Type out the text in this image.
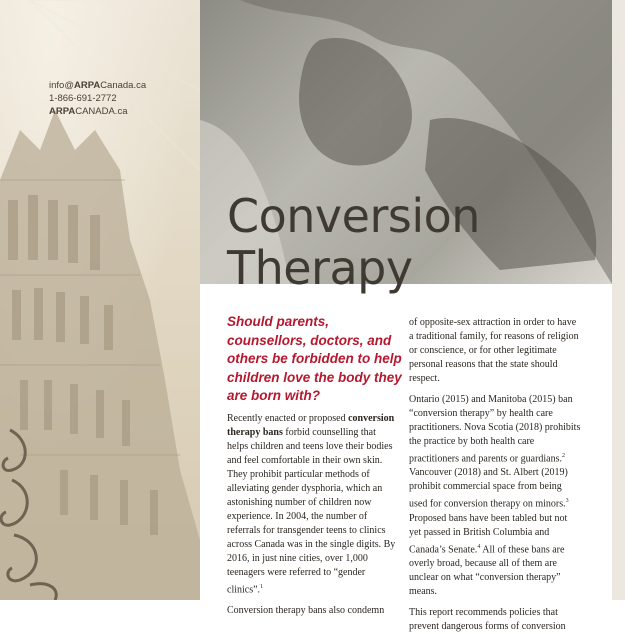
info@ARPACanada.ca
1-866-691-2772
ARPACANADA.ca
Conversion
Therapy
Should parents, counsellors, doctors, and others be forbidden to help children love the body they are born with?

Recently enacted or proposed conversion therapy bans forbid counselling that helps children and teens love their bodies and feel comfortable in their own skin. They prohibit particular methods of alleviating gender dysphoria, which an astonishing number of children now experience. In 2004, the number of referrals for transgender teens to clinics across Canada was in the single digits. By 2016, in just nine cities, over 1,000 teenagers were referred to “gender clinics”.$^1$

Conversion therapy bans also condemn

of opposite-sex attraction in order to have a traditional family, for reasons of religion or conscience, or for other legitimate personal reasons that the state should respect.

Ontario (2015) and Manitoba (2015) ban “conversion therapy” by health care practitioners. Nova Scotia (2018) prohibits the practice by both health care practitioners and parents or guardians.$^2$ Vancouver (2018) and St. Albert (2019) prohibit commercial space from being used for conversion therapy on minors.$^3$ Proposed bans have been tabled but not yet passed in British Columbia and Canada’s Senate.$^4$ All of these bans are overly broad, because all of them are unclear on what “conversion therapy” means.

This report recommends policies that prevent dangerous forms of conversion
